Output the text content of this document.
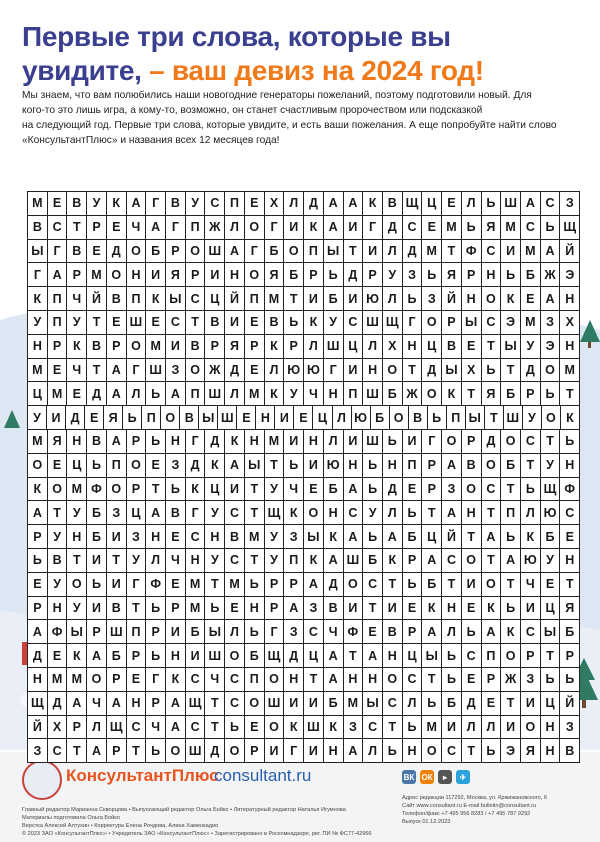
Первые три слова, которые вы
увидите, – ваш девиз на 2024 год!
Мы знаем, что вам полюбились наши новогодние генераторы пожеланий, поэтому подготовили новый. Для
кого-то это лишь игра, а кому-то, возможно, он станет счастливым пророчеством или подсказкой
на следующий год. Первые три слова, которые увидите, и есть ваши пожелания. А еще попробуйте найти слово
«КонсультантПлюс» и названия всех 12 месяцев года!
М Е В У К А Г В У С П Е Х Л Д А А К В Щ Ц Е Л Ь Ш А С З
В С Т Р Е Ч А Г П Ж Л О Г И К А И Г Д С Е М Ь Я М С Ь Щ
Ы Г В Е Д О Б Р О Ш А Г Б О П Ы Т И Л Д М Т Ф С И М А Й
Г А Р М О Н И Я Р И Н О Я Б Р Ь Д Р У З Ь Я Р Н Ь Б Ж Э
К П Ч Й В П К Ы С Ц Й П М Т И Б И Ю Л Ь З Й Н О К Е А Н
У П У Т Е Ш Е С Т В И Е В Ь К У С Ш Щ Г О Р Ы С Э М З Х
Н Р К В Р О М И В Р Я Р К Р Л Ш Ц Л Х Н Ц В Е Т Ы У Э Н
М Е Ч Т А Г Ш З О Ж Д Е Л Ю Ю Г И Н О Т Д Ы Х Ь Т Д О М
Ц М Е Д А Л Ь А П Ш Л М К У Ч Н П Ш Б Ж О К Т Я Б Р Ь Т
У И Д Е Я Ь П О В Ы Ш Е Н И Е Ц Л Ю Б О В Ь П Ы Т Ш У О К
М Я Н В А Р Ь Н Г Д К Н М И Н Л И Ш Ь И Г О Р Д О С Т Ь
О Е Ц Ь П О Е З Д К А Ы Т Ь И Ю Н Ь Н П Р А В О Б Т У Н
К О М Ф О Р Т Ь К Ц И Т У Ч Е Б А Ь Д Е Р З О С Т Ь Щ Ф
А Т У Б З Ц А В Г У С Т Щ К О Н С У Л Ь Т А Н Т П Л Ю С
Р У Н Б И З Н Е С Н В М У З Ы К А Ь А Б Ц Й Т А Ь К Б Е
Ь В Т И Т У Л Ч Н У С Т У П К А Ш Б К Р А С О Т А Ю У Н
Е У О Ь И Г Ф Е М Т М Ь Р Р А Д О С Т Ь Б Т И О Т Ч Е Т
Р Н У И В Т Ь Р М Ь Е Н Р А З В И Т И Е К Н Е К Ь И Ц Я
А Ф Ы Р Ш П Р И Б Ы Л Ь Г З С Ч Ф Е В Р А Л Ь А К С Ы Б
Д Е К А Б Р Ь Н И Ш О Б Щ Д Ц А Т А Н Ц Ы Ь С П О Р Т Р
Н М М О Р Е Г К С Ч С П О Н Т А Н Н О С Т Ь Е Р Ж З Ь Ь
Щ Д А Ч А Н Р А Щ Т С О Ш И И Б М Ы С Л Ь Б Д Е Т И Ц Й
Й Х Р Л Щ С Ч А С Т Ь Е О К Ш К З С Т Ь М И Л Л И О Н З
З С Т А Р Т Ь О Ш Д О Р И Г И Н А Л Ь Н О С Т Ь Э Я Н В
КонсультантПлюс
consultant.ru
Главный редактор Марианна Скворцова • Выпускающий редактор Ольга Бойко • Литературный редактор Наталья Игумнова
Материалы подготовила Ольга Бойко
Верстка Алексей Алтухин • Корректура Елена Рочдова, Алина Хаменкадио
© 2023 ЗАО «КонсультантПлюс» • Учредитель ЗАО «КонсультантПлюс» • Зарегистрировано в Роскомнадзоре, рег. ПИ № ФС77-42966
ВК ОК	▸	✈
Адрес редакции 117292, Москва, ул. Кржижановского, 6
Сайт www.consultant.ru E-mail bulletin@consultant.ru
Телефон/факс +7 495 956 8283 / +7 495 787 9292
Выпуск 01.12.2023
